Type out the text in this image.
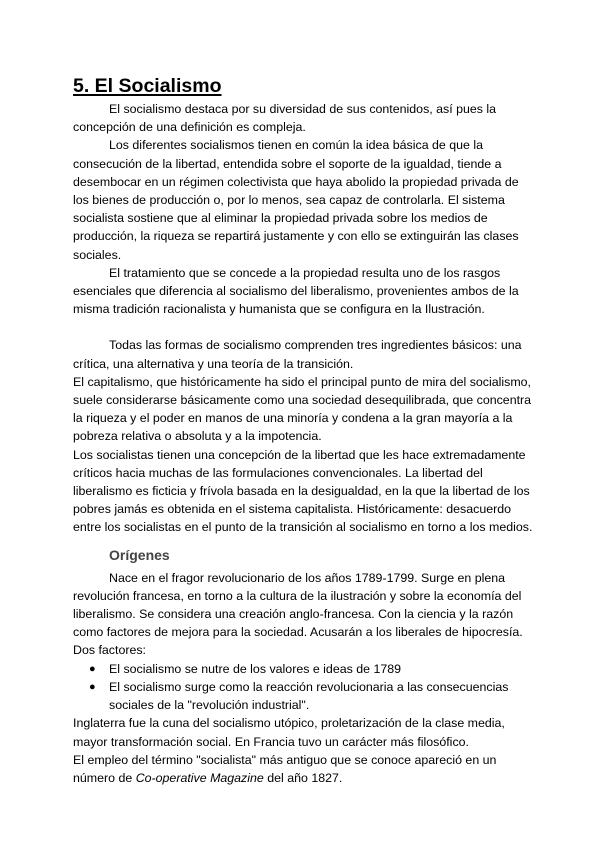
5. El Socialismo

El socialismo destaca por su diversidad de sus contenidos, así pues la concepción de una definición es compleja.

Los diferentes socialismos tienen en común la idea básica de que la consecución de la libertad, entendida sobre el soporte de la igualdad, tiende a desembocar en un régimen colectivista que haya abolido la propiedad privada de los bienes de producción o, por lo menos, sea capaz de controlarla. El sistema socialista sostiene que al eliminar la propiedad privada sobre los medios de producción, la riqueza se repartirá justamente y con ello se extinguirán las clases sociales.

El tratamiento que se concede a la propiedad resulta uno de los rasgos esenciales que diferencia al socialismo del liberalismo, provenientes ambos de la misma tradición racionalista y humanista que se configura en la Ilustración.

Todas las formas de socialismo comprenden tres ingredientes básicos: una crítica, una alternativa y una teoría de la transición.

El capitalismo, que históricamente ha sido el principal punto de mira del socialismo, suele considerarse básicamente como una sociedad desequilibrada, que concentra la riqueza y el poder en manos de una minoría y condena a la gran mayoría a la pobreza relativa o absoluta y a la impotencia.

Los socialistas tienen una concepción de la libertad que les hace extremadamente críticos hacia muchas de las formulaciones convencionales. La libertad del liberalismo es ficticia y frívola basada en la desigualdad, en la que la libertad de los pobres jamás es obtenida en el sistema capitalista. Históricamente: desacuerdo entre los socialistas en el punto de la transición al socialismo en torno a los medios.

Orígenes

Nace en el fragor revolucionario de los años 1789-1799. Surge en plena revolución francesa, en torno a la cultura de la ilustración y sobre la economía del liberalismo. Se considera una creación anglo-francesa. Con la ciencia y la razón como factores de mejora para la sociedad. Acusarán a los liberales de hipocresía.

Dos factores:

● El socialismo se nutre de los valores e ideas de 1789
● El socialismo surge como la reacción revolucionaria a las consecuencias sociales de la "revolución industrial".

Inglaterra fue la cuna del socialismo utópico, proletarización de la clase media, mayor transformación social. En Francia tuvo un carácter más filosófico.

El empleo del término "socialista" más antiguo que se conoce apareció en un número de Co-operative Magazine del año 1827.
